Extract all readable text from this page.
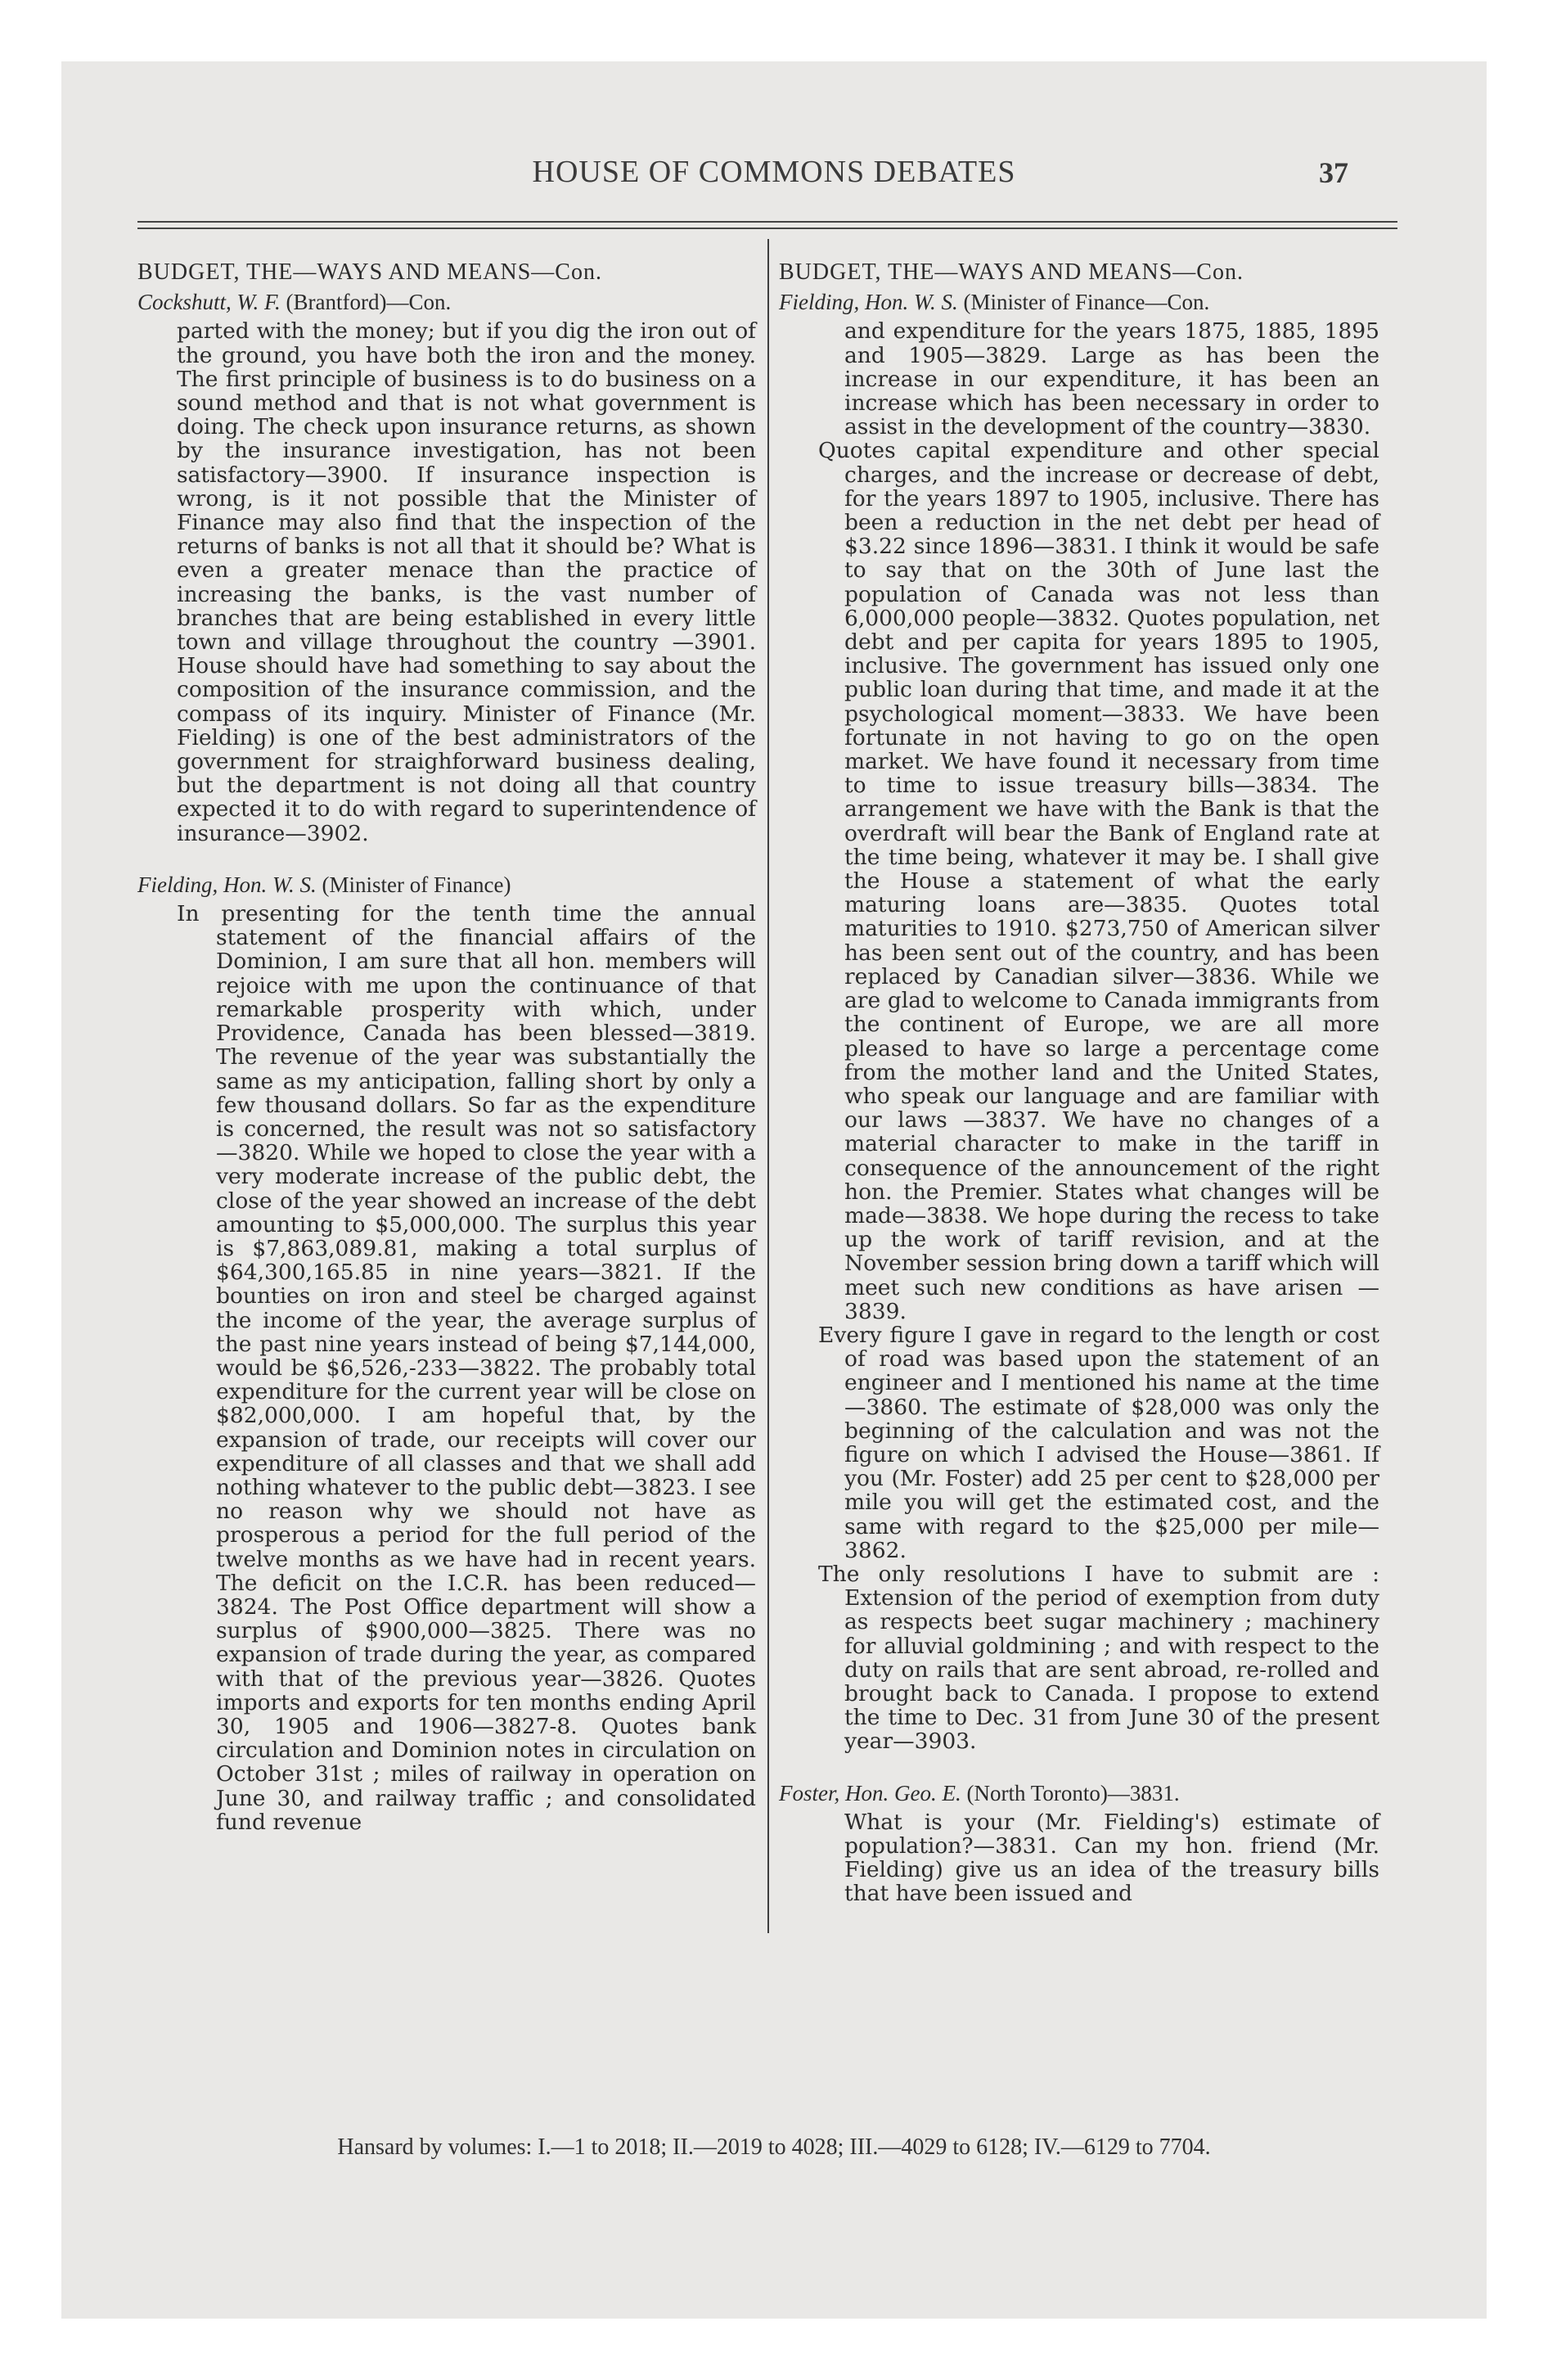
HOUSE OF COMMONS DEBATES	37
BUDGET, THE—WAYS AND MEANS—Con.
Cockshutt, W. F. (Brantford)—Con.

parted with the money; but if you dig the iron out of the ground, you have both the iron and the money. The first principle of business is to do business on a sound method and that is not what government is doing. The check upon insurance returns, as shown by the insurance investigation, has not been satisfactory—3900. If insurance inspection is wrong, is it not possible that the Minister of Finance may also find that the inspection of the returns of banks is not all that it should be? What is even a greater menace than the practice of increasing the banks, is the vast number of branches that are being established in every little town and village throughout the country —3901. House should have had something to say about the composition of the insurance commission, and the compass of its inquiry. Minister of Finance (Mr. Fielding) is one of the best administrators of the government for straighforward business dealing, but the department is not doing all that country expected it to do with regard to superintendence of insurance—3902.

Fielding, Hon. W. S. (Minister of Finance)

In presenting for the tenth time the annual statement of the financial affairs of the Dominion, I am sure that all hon. members will rejoice with me upon the continuance of that remarkable prosperity with which, under Providence, Canada has been blessed—3819. The revenue of the year was substantially the same as my anticipation, falling short by only a few thousand dollars. So far as the expenditure is concerned, the result was not so satisfactory—3820. While we hoped to close the year with a very moderate increase of the public debt, the close of the year showed an increase of the debt amounting to $5,000,000. The surplus this year is $7,863,089.81, making a total surplus of $64,300,165.85 in nine years—3821. If the bounties on iron and steel be charged against the income of the year, the average surplus of the past nine years instead of being $7,144,000, would be $6,526,-233—3822. The probably total expenditure for the current year will be close on $82,000,000. I am hopeful that, by the expansion of trade, our receipts will cover our expenditure of all classes and that we shall add nothing whatever to the public debt—3823. I see no reason why we should not have as prosperous a period for the full period of the twelve months as we have had in recent years. The deficit on the I.C.R. has been reduced—3824. The Post Office department will show a surplus of $900,000—3825. There was no expansion of trade during the year, as compared with that of the previous year—3826. Quotes imports and exports for ten months ending April 30, 1905 and 1906—3827-8. Quotes bank circulation and Dominion notes in circulation on October 31st ; miles of railway in operation on June 30, and railway traffic ; and consolidated fund revenue

BUDGET, THE—WAYS AND MEANS—Con.
Fielding, Hon. W. S. (Minister of Finance—Con.

and expenditure for the years 1875, 1885, 1895 and 1905—3829. Large as has been the increase in our expenditure, it has been an increase which has been necessary in order to assist in the development of the country—3830.

Quotes capital expenditure and other special charges, and the increase or decrease of debt, for the years 1897 to 1905, inclusive. There has been a reduction in the net debt per head of $3.22 since 1896—3831. I think it would be safe to say that on the 30th of June last the population of Canada was not less than 6,000,000 people—3832. Quotes population, net debt and per capita for years 1895 to 1905, inclusive. The government has issued only one public loan during that time, and made it at the psychological moment—3833. We have been fortunate in not having to go on the open market. We have found it necessary from time to time to issue treasury bills—3834. The arrangement we have with the Bank is that the overdraft will bear the Bank of England rate at the time being, whatever it may be. I shall give the House a statement of what the early maturing loans are—3835. Quotes total maturities to 1910. $273,750 of American silver has been sent out of the country, and has been replaced by Canadian silver—3836. While we are glad to welcome to Canada immigrants from the continent of Europe, we are all more pleased to have so large a percentage come from the mother land and the United States, who speak our language and are familiar with our laws —3837. We have no changes of a material character to make in the tariff in consequence of the announcement of the right hon. the Premier. States what changes will be made—3838. We hope during the recess to take up the work of tariff revision, and at the November session bring down a tariff which will meet such new conditions as have arisen —3839.

Every figure I gave in regard to the length or cost of road was based upon the statement of an engineer and I mentioned his name at the time—3860. The estimate of $28,000 was only the beginning of the calculation and was not the figure on which I advised the House—3861. If you (Mr. Foster) add 25 per cent to $28,000 per mile you will get the estimated cost, and the same with regard to the $25,000 per mile—3862.

The only resolutions I have to submit are : Extension of the period of exemption from duty as respects beet sugar machinery ; machinery for alluvial goldmining ; and with respect to the duty on rails that are sent abroad, re-rolled and brought back to Canada. I propose to extend the time to Dec. 31 from June 30 of the present year—3903.

Foster, Hon. Geo. E. (North Toronto)—3831.

What is your (Mr. Fielding's) estimate of population?—3831. Can my hon. friend (Mr. Fielding) give us an idea of the treasury bills that have been issued and

Hansard by volumes: I.—1 to 2018; II.—2019 to 4028; III.—4029 to 6128; IV.—6129 to 7704.
